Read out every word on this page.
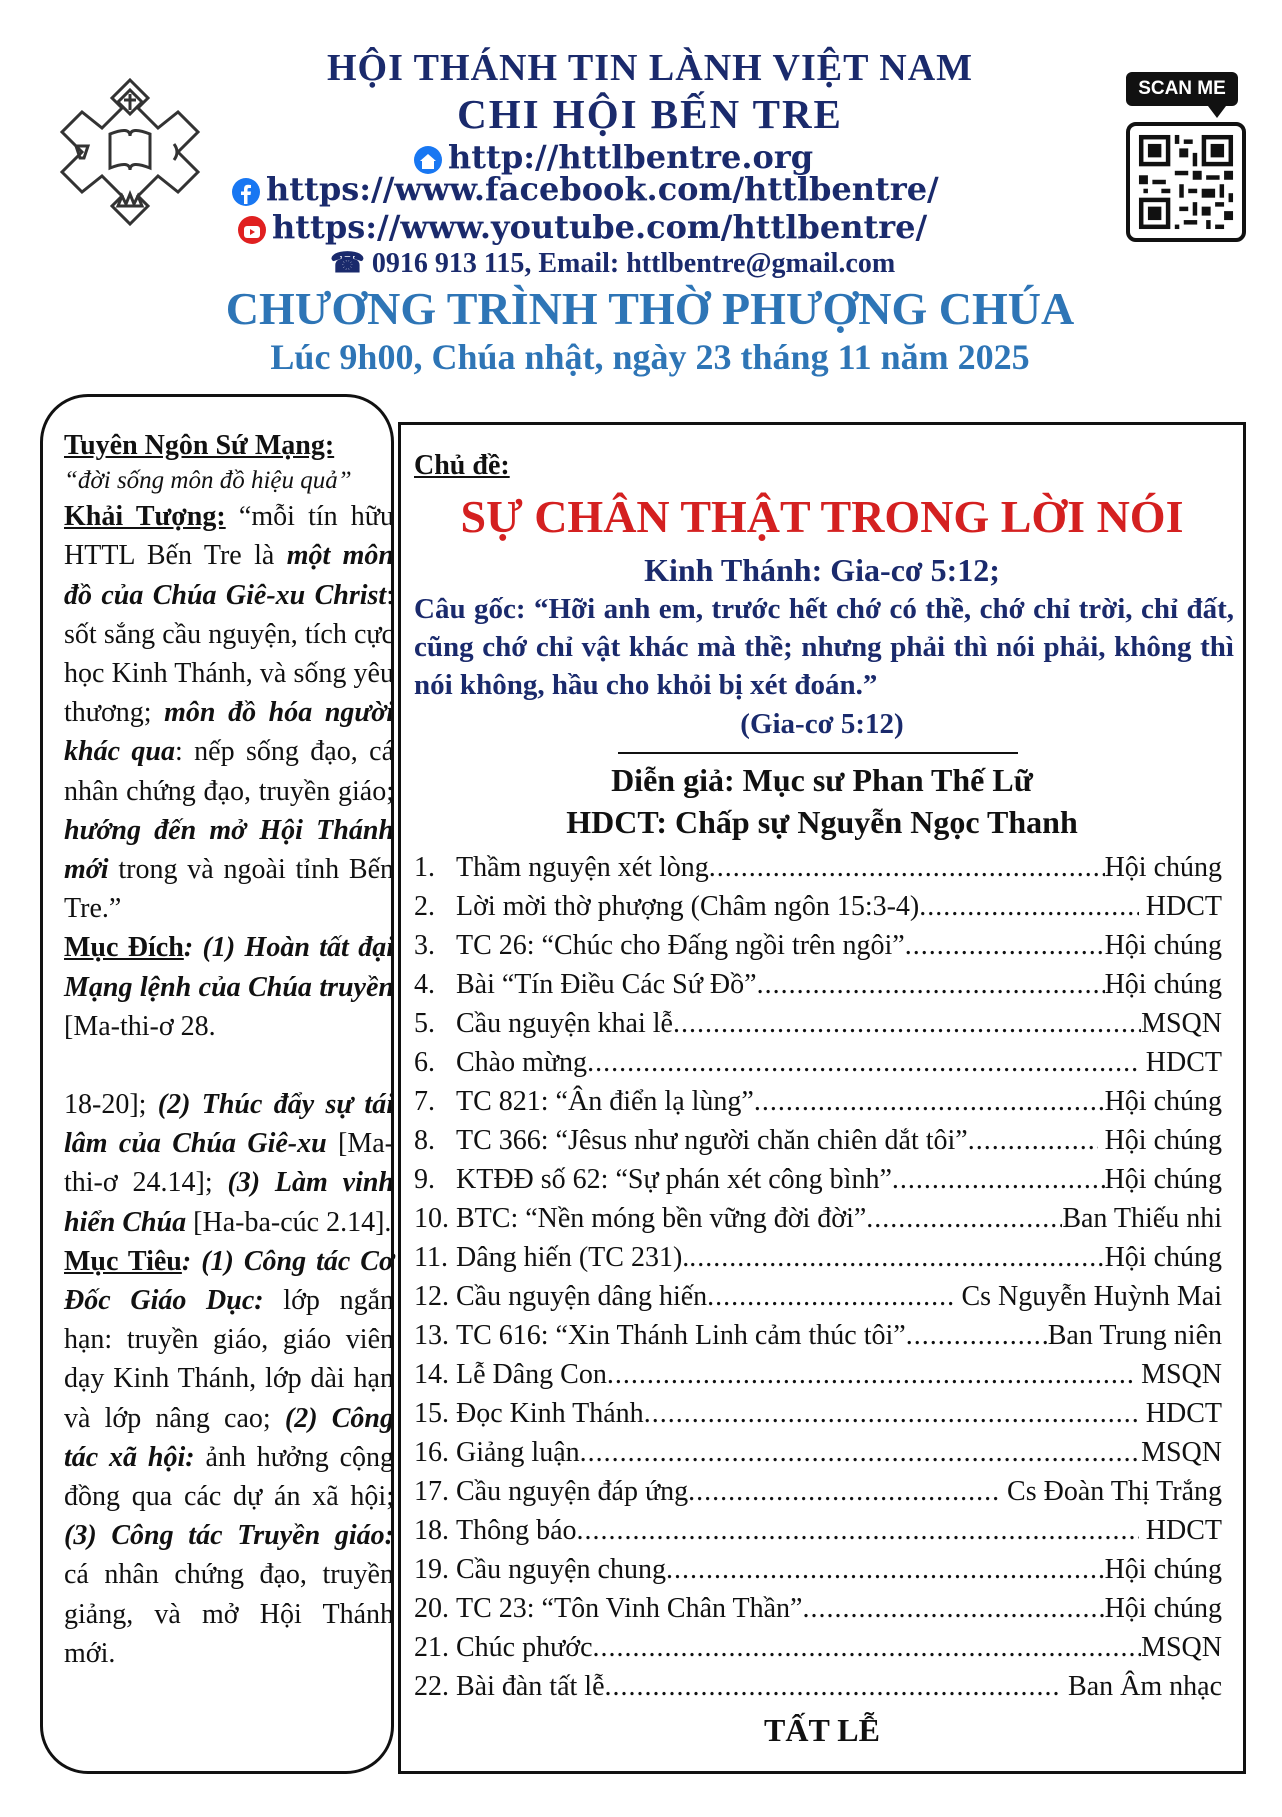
HỘI THÁNH TIN LÀNH VIỆT NAM
CHI HỘI BẾN TRE
http://httlbentre.org
https://www.facebook.com/httlbentre/
https://www.youtube.com/httlbentre/
☎ 0916 913 115, Email: httlbentre@gmail.com
CHƯƠNG TRÌNH THỜ PHƯỢNG CHÚA
Lúc 9h00, Chúa nhật, ngày 23 tháng 11 năm 2025
SCAN ME

Tuyên Ngôn Sứ Mạng:

“đời sống môn đồ hiệu quả”

Khải Tượng: “mỗi tín hữu HTTL Bến Tre là một môn đồ của Chúa Giê-xu Christ: sốt sắng cầu nguyện, tích cực học Kinh Thánh, và sống yêu thương; môn đồ hóa người khác qua: nếp sống đạo, cá nhân chứng đạo, truyền giáo; hướng đến mở Hội Thánh mới trong và ngoài tỉnh Bến Tre.”

Mục Đích: (1) Hoàn tất đại Mạng lệnh của Chúa truyền [Ma-thi-ơ 28.

18-20]; (2) Thúc đẩy sự tái lâm của Chúa Giê-xu [Ma-thi-ơ 24.14]; (3) Làm vinh hiển Chúa [Ha-ba-cúc 2.14].

Mục Tiêu: (1) Công tác Cơ Đốc Giáo Dục: lớp ngắn hạn: truyền giáo, giáo viên dạy Kinh Thánh, lớp dài hạn và lớp nâng cao; (2) Công tác xã hội: ảnh hưởng cộng đồng qua các dự án xã hội; (3) Công tác Truyền giáo: cá nhân chứng đạo, truyền giảng, và mở Hội Thánh mới.

Chủ đề:
SỰ CHÂN THẬT TRONG LỜI NÓI
Kinh Thánh: Gia-cơ 5:12;
Câu gốc: “Hỡi anh em, trước hết chớ có thề, chớ chỉ trời, chỉ đất, cũng chớ chỉ vật khác mà thề; nhưng phải thì nói phải, không thì nói không, hầu cho khỏi bị xét đoán.”
(Gia-cơ 5:12)
Diễn giả: Mục sư Phan Thế Lữ
HDCT: Chấp sự Nguyễn Ngọc Thanh
1. Thầm nguyện xét lòng .....	Hội chúng
2. Lời mời thờ phượng (Châm ngôn 15:3-4) .....	HDCT
3. TC 26: “Chúc cho Đấng ngồi trên ngôi” .....	Hội chúng
4. Bài “Tín Điều Các Sứ Đồ” .....	Hội chúng
5. Cầu nguyện khai lễ .....	MSQN
6. Chào mừng .....	HDCT
7. TC 821: “Ân điển lạ lùng” .....	Hội chúng
8. TC 366: “Jêsus như người chăn chiên dắt tôi” .....	Hội chúng
9. KTĐĐ số 62: “Sự phán xét công bình” .....	Hội chúng
10. BTC: “Nền móng bền vững đời đời” .....	Ban Thiếu nhi
11. Dâng hiến (TC 231). .....	Hội chúng
12. Cầu nguyện dâng hiến .....	Cs Nguyễn Huỳnh Mai
13. TC 616: “Xin Thánh Linh cảm thúc tôi” .....	Ban Trung niên
14. Lễ Dâng Con .....	MSQN
15. Đọc Kinh Thánh .....	HDCT
16. Giảng luận .....	MSQN
17. Cầu nguyện đáp ứng .....	Cs Đoàn Thị Trắng
18. Thông báo .....	HDCT
19. Cầu nguyện chung .....	Hội chúng
20. TC 23: “Tôn Vinh Chân Thần” .....	Hội chúng
21. Chúc phước .....	MSQN
22. Bài đàn tất lễ .....	Ban Âm nhạc
TẤT LỄ
